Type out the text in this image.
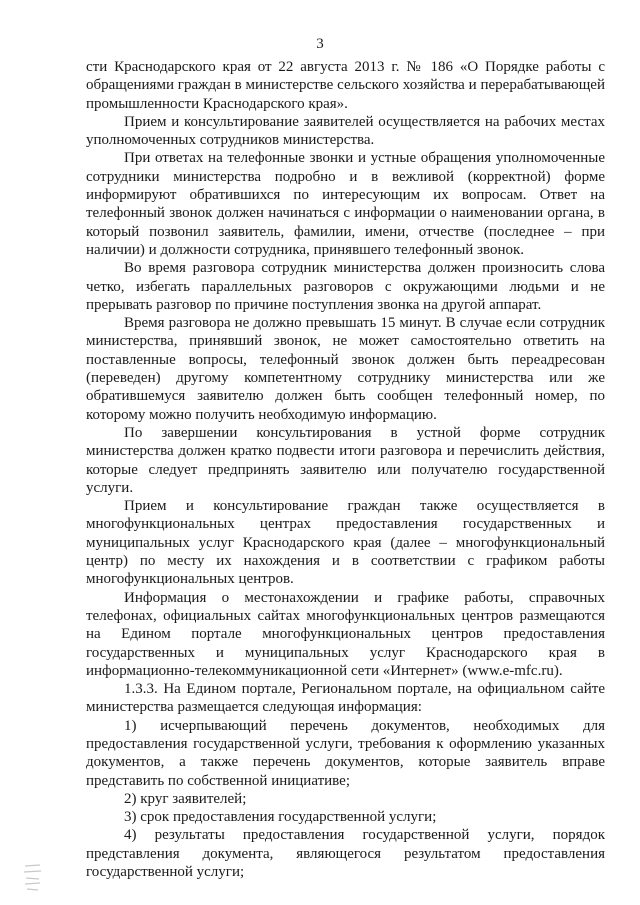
3

сти Краснодарского края от 22 августа 2013 г. № 186 «О Порядке работы с обращениями граждан в министерстве сельского хозяйства и перерабатывающей промышленности Краснодарского края».

Прием и консультирование заявителей осуществляется на рабочих местах уполномоченных сотрудников министерства.

При ответах на телефонные звонки и устные обращения уполномоченные сотрудники министерства подробно и в вежливой (корректной) форме информируют обратившихся по интересующим их вопросам. Ответ на телефонный звонок должен начинаться с информации о наименовании органа, в который позвонил заявитель, фамилии, имени, отчестве (последнее – при наличии) и должности сотрудника, принявшего телефонный звонок.

Во время разговора сотрудник министерства должен произносить слова четко, избегать параллельных разговоров с окружающими людьми и не прерывать разговор по причине поступления звонка на другой аппарат.

Время разговора не должно превышать 15 минут. В случае если сотрудник министерства, принявший звонок, не может самостоятельно ответить на поставленные вопросы, телефонный звонок должен быть переадресован (переведен) другому компетентному сотруднику министерства или же обратившемуся заявителю должен быть сообщен телефонный номер, по которому можно получить необходимую информацию.

По завершении консультирования в устной форме сотрудник министерства должен кратко подвести итоги разговора и перечислить действия, которые следует предпринять заявителю или получателю государственной услуги.

Прием и консультирование граждан также осуществляется в многофункциональных центрах предоставления государственных и муниципальных услуг Краснодарского края (далее – многофункциональный центр) по месту их нахождения и в соответствии с графиком работы многофункциональных центров.

Информация о местонахождении и графике работы, справочных телефонах, официальных сайтах многофункциональных центров размещаются на Едином портале многофункциональных центров предоставления государственных и муниципальных услуг Краснодарского края в информационно-телекоммуникационной сети «Интернет» (www.e-mfc.ru).

1.3.3. На Едином портале, Региональном портале, на официальном сайте министерства размещается следующая информация:

1) исчерпывающий перечень документов, необходимых для предоставления государственной услуги, требования к оформлению указанных документов, а также перечень документов, которые заявитель вправе представить по собственной инициативе;

2) круг заявителей;

3) срок предоставления государственной услуги;

4) результаты предоставления государственной услуги, порядок представления документа, являющегося результатом предоставления государственной услуги;
